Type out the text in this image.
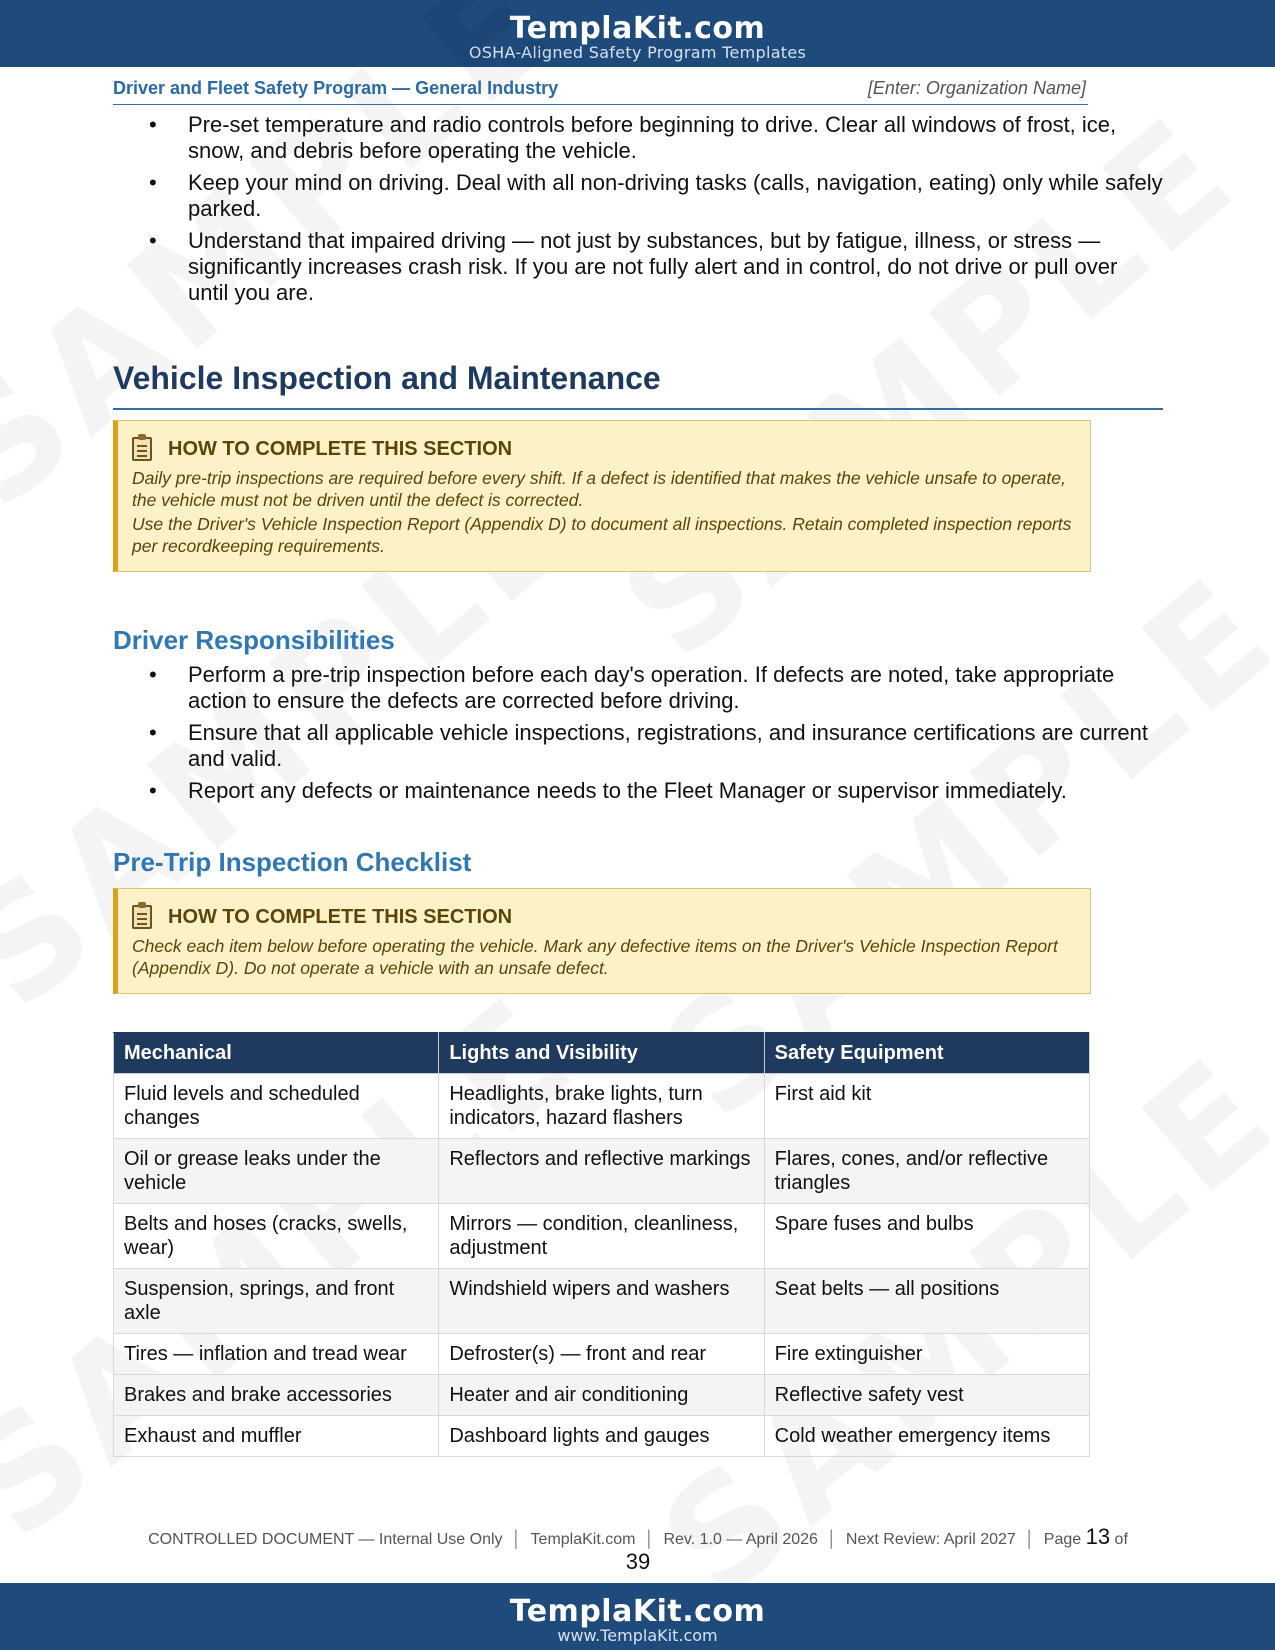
TemplaKit.com
OSHA-Aligned Safety Program Templates
Driver and Fleet Safety Program — General Industry	[Enter: Organization Name]
• Pre-set temperature and radio controls before beginning to drive. Clear all windows of frost, ice, snow, and debris before operating the vehicle.
• Keep your mind on driving. Deal with all non-driving tasks (calls, navigation, eating) only while safely parked.
• Understand that impaired driving — not just by substances, but by fatigue, illness, or stress — significantly increases crash risk. If you are not fully alert and in control, do not drive or pull over until you are.
Vehicle Inspection and Maintenance
HOW TO COMPLETE THIS SECTION

Daily pre-trip inspections are required before every shift. If a defect is identified that makes the vehicle unsafe to operate, the vehicle must not be driven until the defect is corrected.

Use the Driver's Vehicle Inspection Report (Appendix D) to document all inspections. Retain completed inspection reports per recordkeeping requirements.

Driver Responsibilities
• Perform a pre-trip inspection before each day's operation. If defects are noted, take appropriate action to ensure the defects are corrected before driving.
• Ensure that all applicable vehicle inspections, registrations, and insurance certifications are current and valid.
• Report any defects or maintenance needs to the Fleet Manager or supervisor immediately.
Pre-Trip Inspection Checklist
HOW TO COMPLETE THIS SECTION

Check each item below before operating the vehicle. Mark any defective items on the Driver's Vehicle Inspection Report (Appendix D). Do not operate a vehicle with an unsafe defect.

Mechanical	Lights and Visibility	Safety Equipment
Fluid levels and scheduled changes	Headlights, brake lights, turn indicators, hazard flashers	First aid kit
Oil or grease leaks under the vehicle	Reflectors and reflective markings	Flares, cones, and/or reflective triangles
Belts and hoses (cracks, swells, wear)	Mirrors — condition, cleanliness, adjustment	Spare fuses and bulbs
Suspension, springs, and front axle	Windshield wipers and washers	Seat belts — all positions
Tires — inflation and tread wear	Defroster(s) — front and rear	Fire extinguisher
Brakes and brake accessories	Heater and air conditioning	Reflective safety vest
Exhaust and muffler	Dashboard lights and gauges	Cold weather emergency items
CONTROLLED DOCUMENT — Internal Use Only │ TemplaKit.com │ Rev. 1.0 — April 2026 │ Next Review: April 2027 │ Page 13 of
39
TemplaKit.com
www.TemplaKit.com
